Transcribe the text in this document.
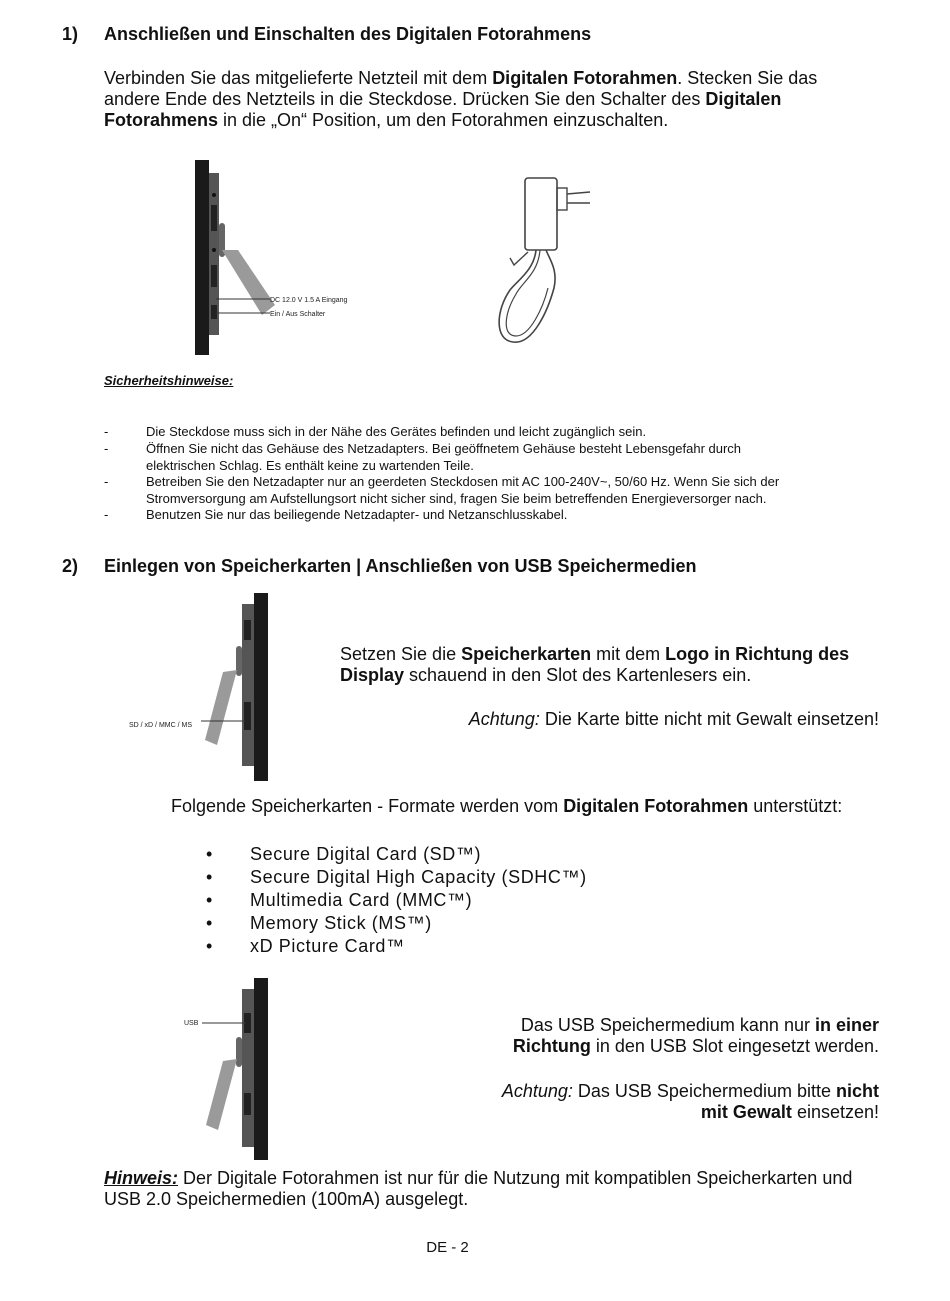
1) Anschließen und Einschalten des Digitalen Fotorahmens
Verbinden Sie das mitgelieferte Netzteil mit dem Digitalen Fotorahmen. Stecken Sie das andere Ende des Netzteils in die Steckdose. Drücken Sie den Schalter des Digitalen Fotorahmens in die „On“ Position, um den Fotorahmen einzuschalten.
DC 12.0 V 1.5 A Eingang
Ein / Aus Schalter
Sicherheitshinweise:
-	Die Steckdose muss sich in der Nähe des Gerätes befinden und leicht zugänglich sein.
-	Öffnen Sie nicht das Gehäuse des Netzadapters. Bei geöffnetem Gehäuse besteht Lebensgefahr durch elektrischen Schlag. Es enthält keine zu wartenden Teile.
-	Betreiben Sie den Netzadapter nur an geerdeten Steckdosen mit AC 100-240V~, 50/60 Hz. Wenn Sie sich der Stromversorgung am Aufstellungsort nicht sicher sind, fragen Sie beim betreffenden Energieversorger nach.
-	Benutzen Sie nur das beiliegende Netzadapter- und Netzanschlusskabel.
2) Einlegen von Speicherkarten | Anschließen von USB Speichermedien
SD / xD / MMC / MS
Setzen Sie die Speicherkarten mit dem Logo in Richtung des Display schauend in den Slot des Kartenlesers ein.
Achtung: Die Karte bitte nicht mit Gewalt einsetzen!
Folgende Speicherkarten - Formate werden vom Digitalen Fotorahmen unterstützt:
• Secure Digital Card (SD™)
• Secure Digital High Capacity (SDHC™)
• Multimedia Card (MMC™)
• Memory Stick (MS™)
• xD Picture Card™
USB	Das USB Speichermedium kann nur in einer Richtung in den USB Slot eingesetzt werden.
Achtung: Das USB Speichermedium bitte nicht mit Gewalt einsetzen!
Hinweis: Der Digitale Fotorahmen ist nur für die Nutzung mit kompatiblen Speicherkarten und USB 2.0 Speichermedien (100mA) ausgelegt.
DE - 2
